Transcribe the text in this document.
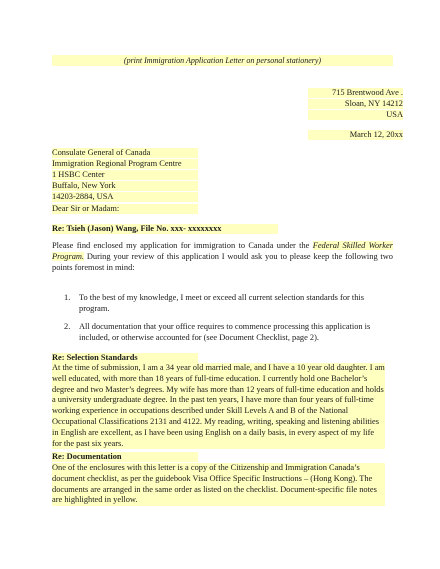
(print Immigration Application Letter on personal stationery)
715 Brentwood Ave .
Sloan, NY 14212
USA
March 12, 20xx
Consulate General of Canada
Immigration Regional Program Centre
1 HSBC Center
Buffalo, New York
14203-2884, USA
Dear Sir or Madam:
Re: Tsieh (Jason) Wang, File No. xxx- xxxxxxxx
Please find enclosed my application for immigration to Canada under the Federal Skilled Worker Program. During your review of this application I would ask you to please keep the following two points foremost in mind:
1. To the best of my knowledge, I meet or exceed all current selection standards for this program.
2. All documentation that your office requires to commence processing this application is included, or otherwise accounted for (see Document Checklist, page 2).
Re: Selection Standards
At the time of submission, I am a 34 year old married male, and I have a 10 year old daughter. I am well educated, with more than 18 years of full-time education. I currently hold one Bachelor’s degree and two Master’s degrees. My wife has more than 12 years of full-time education and holds a university undergraduate degree. In the past ten years, I have more than four years of full-time working experience in occupations described under Skill Levels A and B of the National Occupational Classifications 2131 and 4122. My reading, writing, speaking and listening abilities in English are excellent, as I have been using English on a daily basis, in every aspect of my life for the past six years.
Re: Documentation
One of the enclosures with this letter is a copy of the Citizenship and Immigration Canada’s document checklist, as per the guidebook Visa Office Specific Instructions – (Hong Kong). The documents are arranged in the same order as listed on the checklist. Document-specific file notes are highlighted in yellow.
